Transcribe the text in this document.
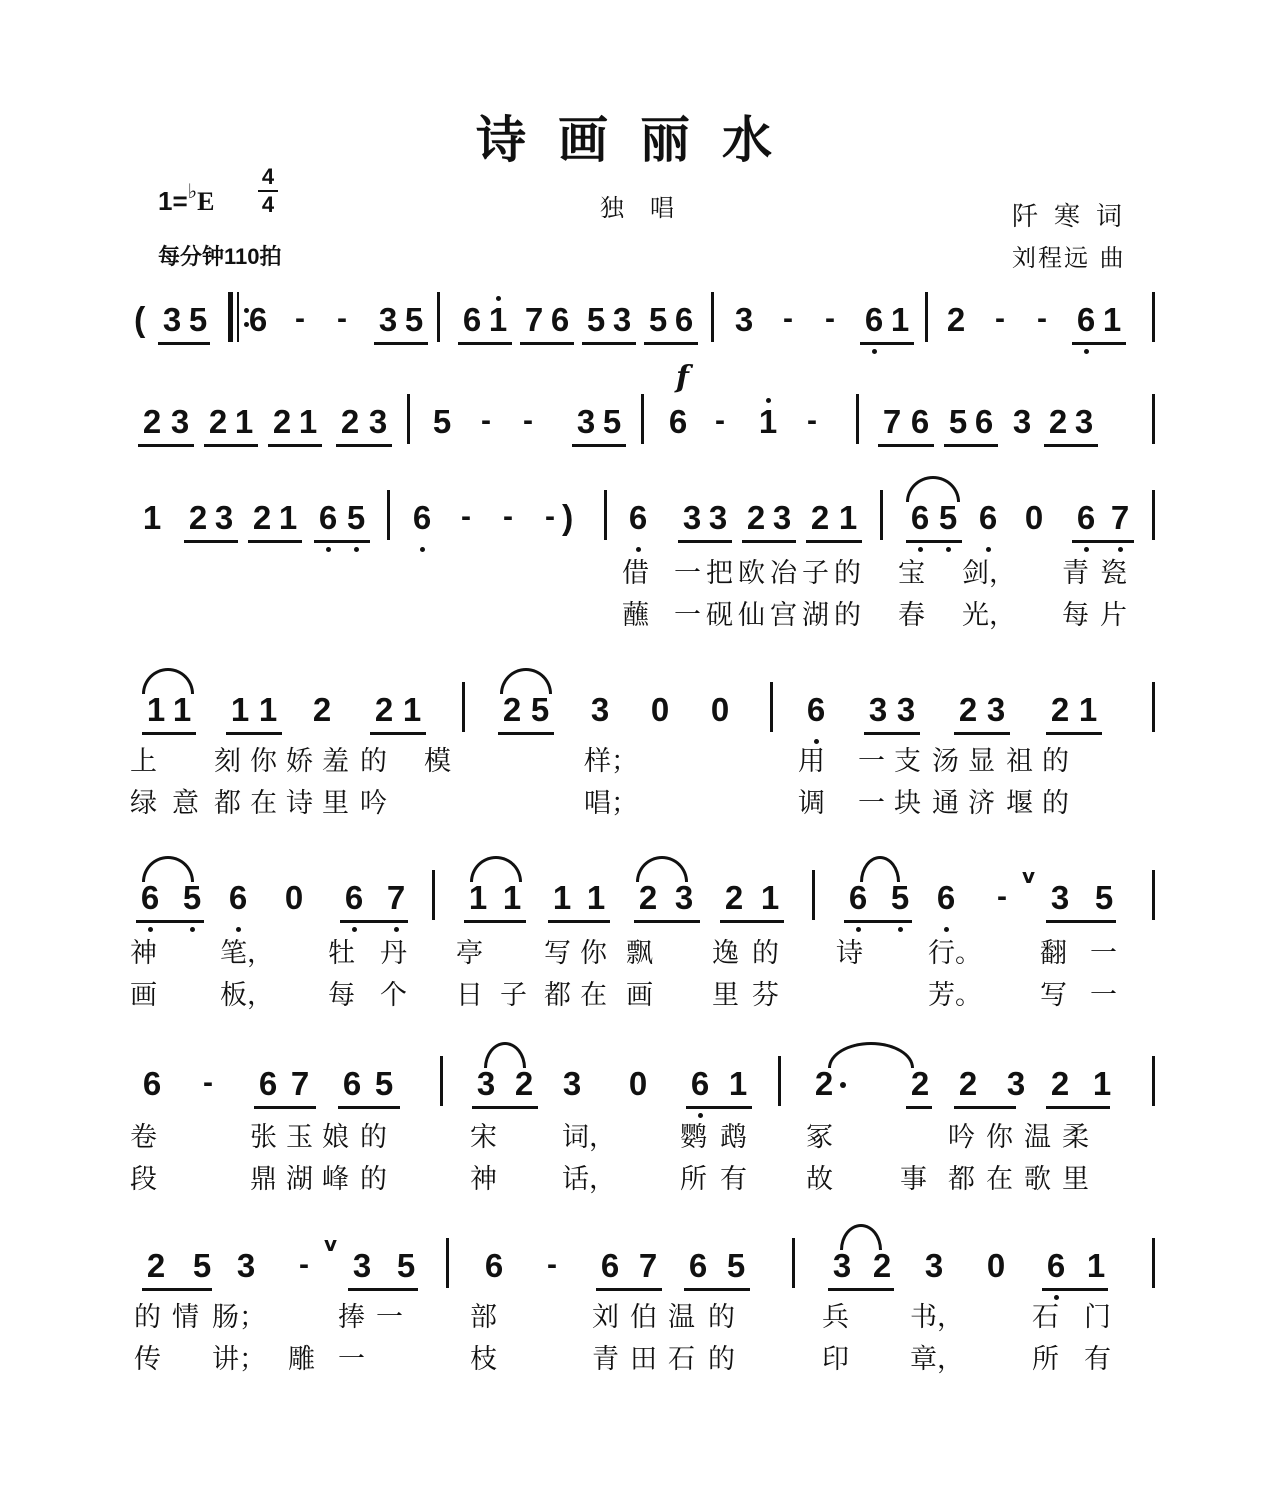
诗画丽水
1=♭E
4
4
每分钟110拍
独唱	阡寒词
刘程远 曲
( 3 5 6 - - 3 5 6 1 7 6 5 3 5 6 3 - - 6 1 2 - - 6 1
2 3 2 1 2 1 2 3 5 - - 3 5
f
6 - 1 - 7 6 5 6 3 2 3
1 2 3 2 1 6 5 6 - - - ) 6 3 3 2 3 2 1 6 5 6 0 6 7
借 一 把 欧 冶 子 的 宝 剑， 青 瓷
蘸 一 砚 仙 宫 湖 的 春 光， 每 片
1 1 1 1 2 2 1 2 5 3 0 0 6 3 3 2 3 2 1
上 刻 你 娇 羞 的 模	样；	用 一 支 汤 显 祖 的
绿 意 都 在 诗 里 吟	唱；	调 一 块 通 济 堰 的
6 5 6 0 6 7 1 1 1 1 2 3 2 1 6 5 6 -
v
3 5
神 笔， 牡 丹 亭 写 你 飘 逸 的 诗 行。 翻 一
画 板， 每 个 日 子 都 在 画 里 芬	芳。 写 一
6 - 6 7 6 5	3 2 3 0 6 1 2 2 2 3 2 1
卷	张 玉 娘 的	宋 词， 鹦 鹉 冢	吟 你 温 柔
段	鼎 湖 峰 的	神 话， 所 有 故 事 都 在 歌 里
2 5 3 -
v
3 5 6 - 6 7 6 5	3 2 3 0 6 1
的 情 肠；	捧 一 部	刘 伯 温 的	兵 书，	石 门
传 讲； 雕 一	枝	青 田 石 的	印 章，	所 有
